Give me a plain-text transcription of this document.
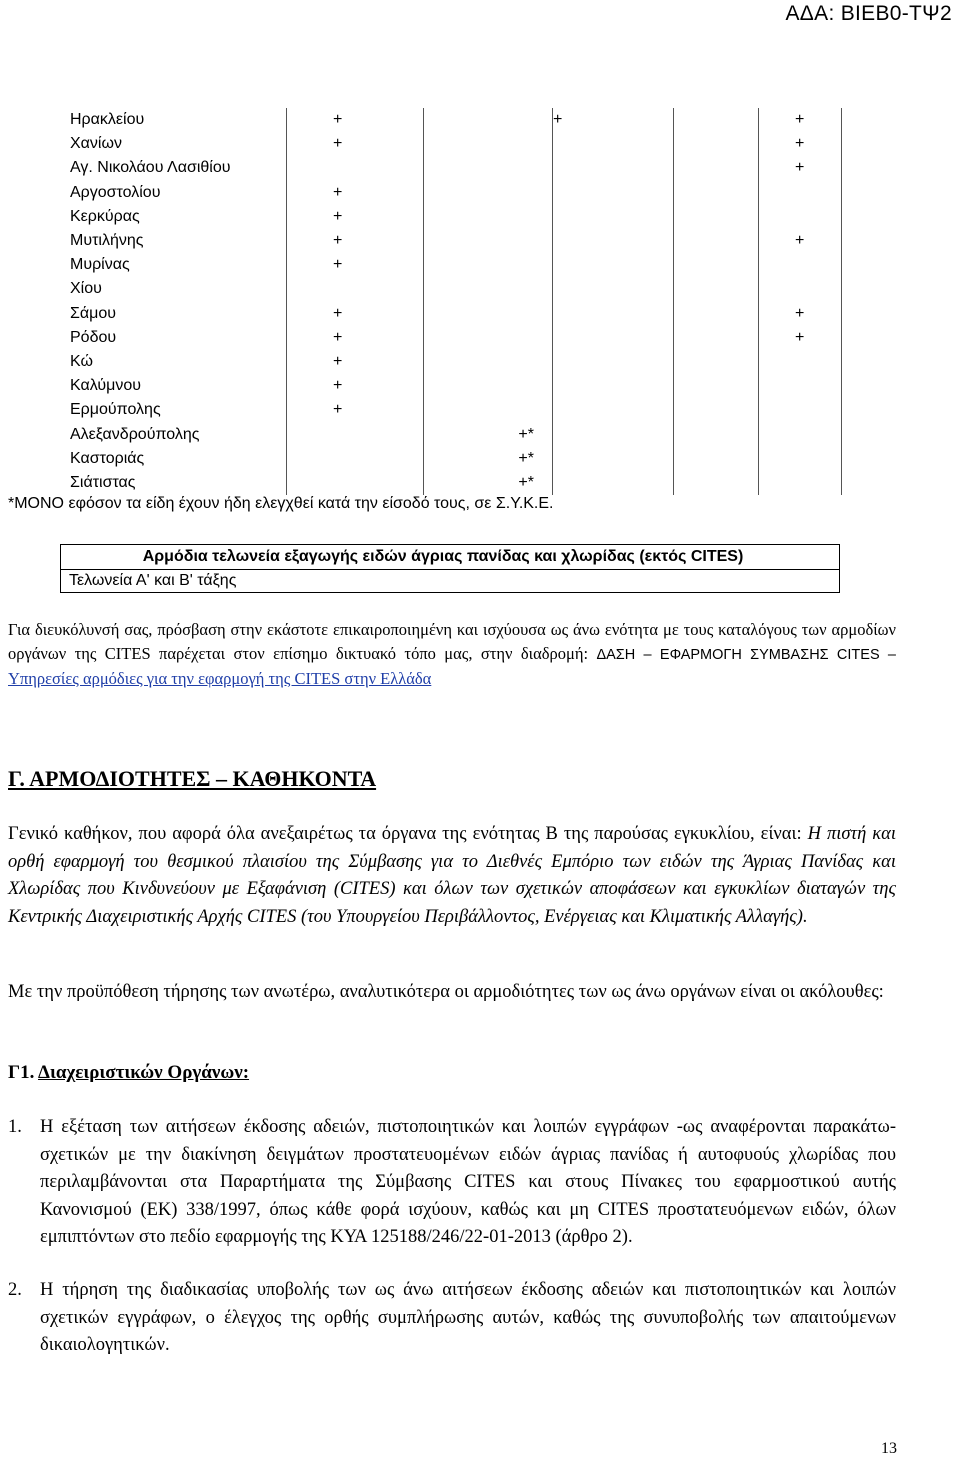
ΑΔΑ: ΒΙΕΒ0-ΤΨ2
Ηρακλείου	+		+		+
Χανίων	+				+
Αγ. Νικολάου Λασιθίου					+
Αργοστολίου	+				
Κερκύρας	+				
Μυτιλήνης	+				+
Μυρίνας	+				
Χίου					
Σάμου	+				+
Ρόδου	+				+
Κώ	+				
Καλύμνου	+				
Ερμούπολης	+				
Αλεξανδρούπολης		+*			
Καστοριάς		+*			
Σιάτιστας		+*			
*ΜΟΝΟ εφόσον τα είδη έχουν ήδη ελεγχθεί κατά την είσοδό τους, σε Σ.Υ.Κ.Ε.
Αρμόδια τελωνεία εξαγωγής ειδών άγριας πανίδας και χλωρίδας (εκτός CITES)
Τελωνεία Α' και Β' τάξης
Για διευκόλυνσή σας, πρόσβαση στην εκάστοτε επικαιροποιημένη και ισχύουσα ως άνω ενότητα με τους καταλόγους των αρμοδίων οργάνων της CITES παρέχεται στον επίσημο δικτυακό τόπο μας, στην διαδρομή: ΔΑΣΗ – ΕΦΑΡΜΟΓΗ ΣΥΜΒΑΣΗΣ CITES – Υπηρεσίες αρμόδιες για την εφαρμογή της CITES στην Ελλάδα
Γ. ΑΡΜΟΔΙΟΤΗΤΕΣ – ΚΑΘΗΚΟΝΤΑ
Γενικό καθήκον, που αφορά όλα ανεξαιρέτως τα όργανα της ενότητας Β της παρούσας εγκυκλίου, είναι: Η πιστή και ορθή εφαρμογή του θεσμικού πλαισίου της Σύμβασης για το Διεθνές Εμπόριο των ειδών της Άγριας Πανίδας και Χλωρίδας που Κινδυνεύουν με Εξαφάνιση (CITES) και όλων των σχετικών αποφάσεων και εγκυκλίων διαταγών της Κεντρικής Διαχειριστικής Αρχής CITES (του Υπουργείου Περιβάλλοντος, Ενέργειας και Κλιματικής Αλλαγής).
Με την προϋπόθεση τήρησης των ανωτέρω, αναλυτικότερα οι αρμοδιότητες των ως άνω οργάνων είναι οι ακόλουθες:
Γ1. Διαχειριστικών Οργάνων:
1. Η εξέταση των αιτήσεων έκδοσης αδειών, πιστοποιητικών και λοιπών εγγράφων -ως αναφέρονται παρακάτω- σχετικών με την διακίνηση δειγμάτων προστατευομένων ειδών άγριας πανίδας ή αυτοφυούς χλωρίδας που περιλαμβάνονται στα Παραρτήματα της Σύμβασης CITES και στους Πίνακες του εφαρμοστικού αυτής Κανονισμού (ΕΚ) 338/1997, όπως κάθε φορά ισχύουν, καθώς και μη CITES προστατευόμενων ειδών, όλων εμπιπτόντων στο πεδίο εφαρμογής της ΚΥΑ 125188/246/22-01-2013 (άρθρο 2).
2. Η τήρηση της διαδικασίας υποβολής των ως άνω αιτήσεων έκδοσης αδειών και πιστοποιητικών και λοιπών σχετικών εγγράφων, ο έλεγχος της ορθής συμπλήρωσης αυτών, καθώς της συνυποβολής των απαιτούμενων δικαιολογητικών.
13
